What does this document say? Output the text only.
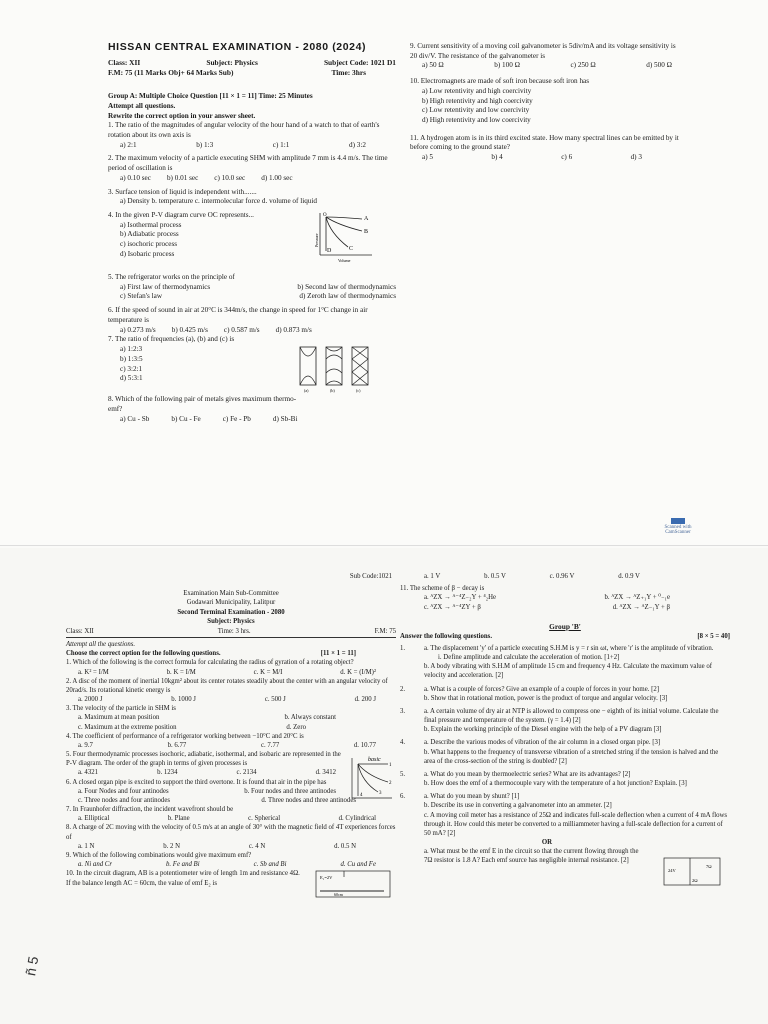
HISSAN CENTRAL EXAMINATION - 2080 (2024)
Class: XII	Subject: Physics	Subject Code: 1021 D1
F.M: 75 (11 Marks Obj+ 64 Marks Sub)	Time: 3hrs

Group A: Multiple Choice Question [11 × 1 = 11] Time: 25 Minutes

Attempt all questions.

Rewrite the correct option in your answer sheet.

1. The ratio of the magnitudes of angular velocity of the hour hand of a watch to that of earth's rotation about its own axis is

a) 2:1	b) 1:3	c) 1:1	d) 3:2

2. The maximum velocity of a particle executing SHM with amplitude 7 mm is 4.4 m/s. The time period of oscillation is

a) 0.10 sec b) 0.01 sec c) 10.0 sec d) 1.00 sec

3. Surface tension of liquid is independent with.......

a) Density b. temperature c. intermolecular force d. volume of liquid

4. In the given P-V diagram curve OC represents...

a) Isothermal process

b) Adiabatic process

c) isochoric process

d) Isobaric process

A
B
C
D
O
Pressure
Volume

5. The refrigerator works on the principle of

a) First law of thermodynamics	b) Second law of thermodynamics
c) Stefan's law	d) Zeroth law of thermodynamics

6. If the speed of sound in air at 20°C is 344m/s, the change in speed for 1°C change in air temperature is

a) 0.273 m/s b) 0.425 m/s c) 0.587 m/s d) 0.873 m/s

7. The ratio of frequencies (a), (b) and (c) is

a) 1:2:3

b) 1:3:5

c) 3:2:1

d) 5:3:1

(a)	(b)	(c)

8. Which of the following pair of metals gives maximum thermo-emf?

a) Cu - Sb	b) Cu - Fe	c) Fe - Pb	d) Sb-Bi

9. Current sensitivity of a moving coil galvanometer is 5div/mA and its voltage sensitivity is 20 div/V. The resistance of the galvanometer is

a) 50 Ω	b) 100 Ω	c) 250 Ω	d) 500 Ω

10. Electromagnets are made of soft iron because soft iron has

a) Low retentivity and high coercivity

b) High retentivity and high coercivity

c) Low retentivity and low coercivity

d) High retentivity and low coercivity

11. A hydrogen atom is in its third excited state. How many spectral lines can be emitted by it before coming to the ground state?

a) 5	b) 4	c) 6	d) 3
Scanned with CamScanner
ñ 5
Sub Code:1021
Examination Main Sub-Committee
Godawari Municipality, Lalitpur
Second Terminal Examination - 2080
Subject: Physics
Class: XII	Time: 3 hrs.	F.M: 75

Attempt all the questions.

Choose the correct option for the following questions.	[11 × 1 = 11]

1. Which of the following is the correct formula for calculating the radius of gyration of a rotating object?

a. K² = I/M	b. K = I/M	c. K = M/I	d. K = (I/M)²

2. A disc of the moment of inertial 10kgm² about its center rotates steadily about the center with an angular velocity of 20rad/s. Its rotational kinetic energy is

a. 2000 J	b. 1000 J	c. 500 J	d. 200 J

3. The velocity of the particle in SHM is

a. Maximum at mean position	b. Always constant
c. Maximum at the extreme position	d. Zero

4. The coefficient of performance of a refrigerator working between −10°C and 20°C is

a. 9.7	b. 6.77	c. 7.77	d. 10.77

5. Four thermodynamic processes isochoric, adiabatic, isothermal, and isobaric are represented in the P-V diagram. The order of the graph in terms of given processes is

a. 4321	b. 1234	c. 2134	d. 3412
1
2
3
4
basic

6. A closed organ pipe is excited to support the third overtone. It is found that air in the pipe has

a. Four Nodes and four antinodes	b. Four nodes and three antinodes
c. Three nodes and four antinodes	d. Three nodes and three antinodes

7. In Fraunhofer diffraction, the incident wavefront should be

a. Elliptical	b. Plane	c. Spherical	d. Cylindrical

8. A charge of 2C moving with the velocity of 0.5 m/s at an angle of 30° with the magnetic field of 4T experiences forces of

a. 1 N	b. 2 N	c. 4 N	d. 0.5 N

9. Which of the following combinations would give maximum emf?

a. Ni and Cr	b. Fe and Bi	c. Sb and Bi	d. Cu and Fe

10. In the circuit diagram, AB is a potentiometer wire of length 1m and resistance 4Ω. If the balance length AC = 60cm, the value of emf E₂ is

E₁=2V
60cm
a. 1 V	b. 0.5 V	c. 0.96 V	d. 0.9 V

11. The scheme of β − decay is

a. ᴬZX → ᴬ⁻⁴Z₋₂Y + ⁴₂He	b. ᴬZX → ᴬZ₊₁Y + ⁰₋₁e
c. ᴬZX → ᴬ⁻⁴ZY + β	d. ᴬZX → ᴬZ₋₁Y + β
Group 'B'
Answer the following questions.	[8 × 5 = 40]
1.	a. The displacement 'y' of a particle executing S.H.M is y = r sin ωt, where 'r' is the amplitude of vibration.

i. Define amplitude and calculate the acceleration of motion. [1+2]

b. A body vibrating with S.H.M of amplitude 15 cm and frequency 4 Hz. Calculate the maximum value of velocity and acceleration. [2]

2.	a. What is a couple of forces? Give an example of a couple of forces in your home. [2]

b. Show that in rotational motion, power is the product of torque and angular velocity. [3]

3.	a. A certain volume of dry air at NTP is allowed to compress one − eighth of its initial volume. Calculate the final pressure and temperature of the system. (γ = 1.4) [2]

b. Explain the working principle of the Diesel engine with the help of a PV diagram [3]

4.	a. Describe the various modes of vibration of the air column in a closed organ pipe. [3]

b. What happens to the frequency of transverse vibration of a stretched string if the tension is halved and the area of the cross-section of the string is doubled? [2]

5.	a. What do you mean by thermoelectric series? What are its advantages? [2]

b. How does the emf of a thermocouple vary with the temperature of a hot junction? Explain. [3]

6.	a. What do you mean by shunt? [1]

b. Describe its use in converting a galvanometer into an ammeter. [2]

c. A moving coil meter has a resistance of 25Ω and indicates full-scale deflection when a current of 4 mA flows through it. How could this meter be converted to a milliammeter having a full-scale deflection for a current of 50 mA? [2]

OR

a. What must be the emf E in the circuit so that the current flowing through the 7Ω resistor is 1.8 A? Each emf source has negligible internal resistance. [2]

24V
7Ω
2Ω
